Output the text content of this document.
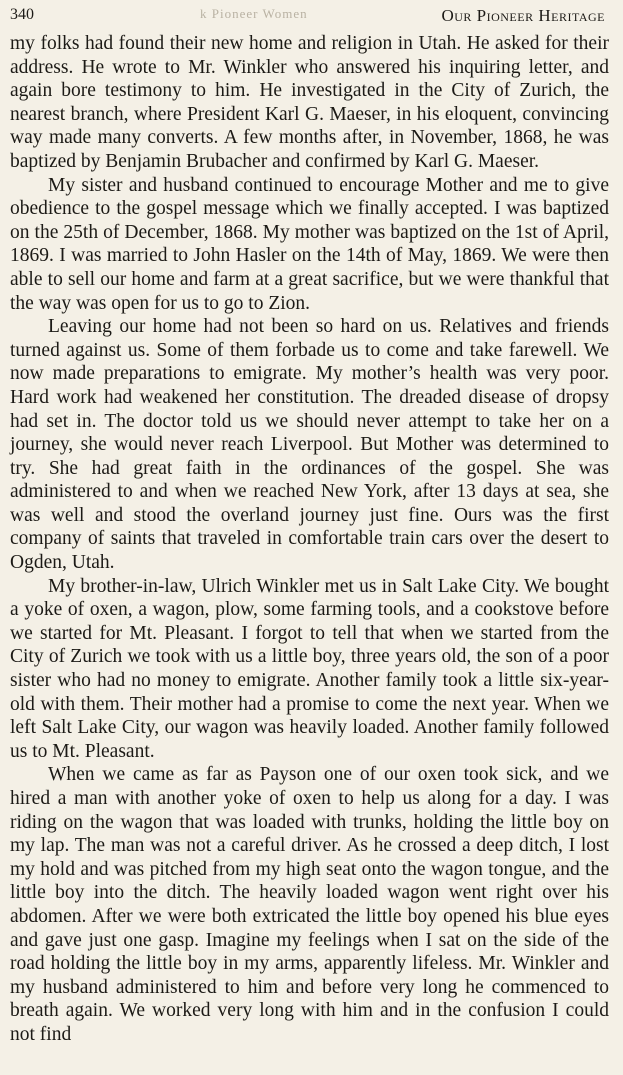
k Pioneer Women
340	Our Pioneer Heritage

my folks had found their new home and religion in Utah. He asked for their address. He wrote to Mr. Winkler who answered his inquiring letter, and again bore testimony to him. He investigated in the City of Zurich, the nearest branch, where President Karl G. Maeser, in his eloquent, convincing way made many converts. A few months after, in November, 1868, he was baptized by Benjamin Brubacher and confirmed by Karl G. Maeser.

My sister and husband continued to encourage Mother and me to give obedience to the gospel message which we finally accepted. I was baptized on the 25th of December, 1868. My mother was baptized on the 1st of April, 1869. I was married to John Hasler on the 14th of May, 1869. We were then able to sell our home and farm at a great sacrifice, but we were thankful that the way was open for us to go to Zion.

Leaving our home had not been so hard on us. Relatives and friends turned against us. Some of them forbade us to come and take farewell. We now made preparations to emigrate. My mother’s health was very poor. Hard work had weakened her constitution. The dreaded disease of dropsy had set in. The doctor told us we should never attempt to take her on a journey, she would never reach Liverpool. But Mother was determined to try. She had great faith in the ordinances of the gospel. She was administered to and when we reached New York, after 13 days at sea, she was well and stood the overland journey just fine. Ours was the first company of saints that traveled in comfortable train cars over the desert to Ogden, Utah.

My brother-in-law, Ulrich Winkler met us in Salt Lake City. We bought a yoke of oxen, a wagon, plow, some farming tools, and a cookstove before we started for Mt. Pleasant. I forgot to tell that when we started from the City of Zurich we took with us a little boy, three years old, the son of a poor sister who had no money to emigrate. Another family took a little six-year-old with them. Their mother had a promise to come the next year. When we left Salt Lake City, our wagon was heavily loaded. Another family followed us to Mt. Pleasant.

When we came as far as Payson one of our oxen took sick, and we hired a man with another yoke of oxen to help us along for a day. I was riding on the wagon that was loaded with trunks, holding the little boy on my lap. The man was not a careful driver. As he crossed a deep ditch, I lost my hold and was pitched from my high seat onto the wagon tongue, and the little boy into the ditch. The heavily loaded wagon went right over his abdomen. After we were both extricated the little boy opened his blue eyes and gave just one gasp. Imagine my feelings when I sat on the side of the road holding the little boy in my arms, apparently lifeless. Mr. Winkler and my husband administered to him and before very long he commenced to breath again. We worked very long with him and in the confusion I could not find
